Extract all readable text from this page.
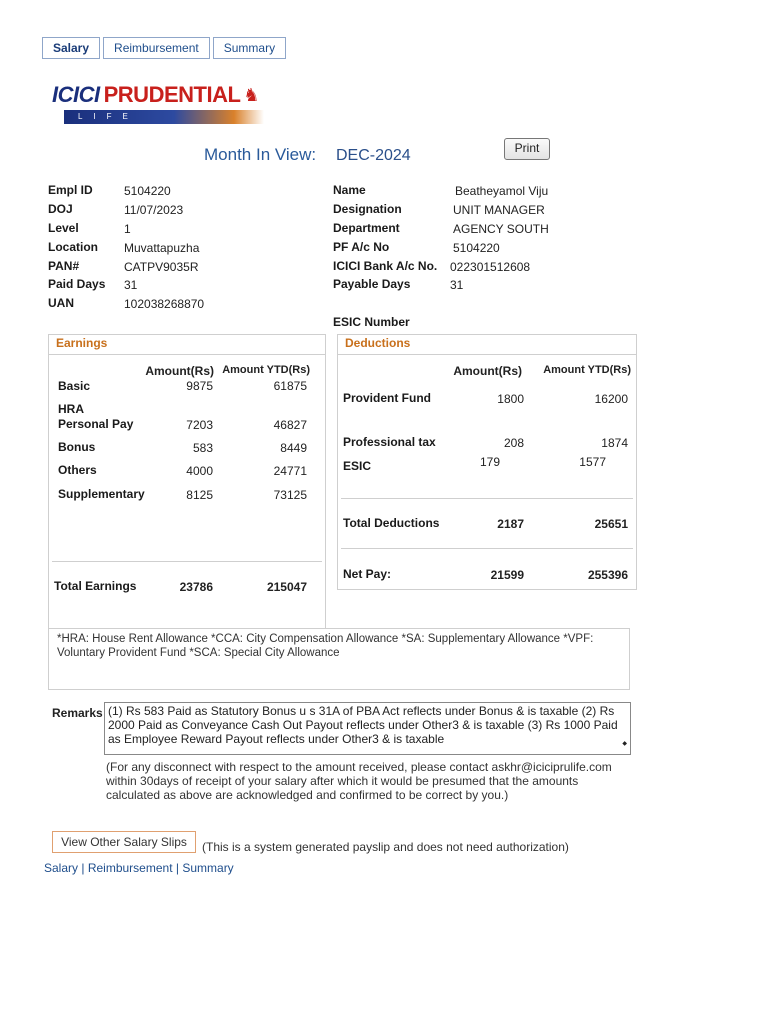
Salary	Reimbursement	Summary
ICICI PRUDENTIAL ♞
LIFE INSURANCE
Month In View: DEC-2024	Print
Empl ID	5104220
DOJ	11/07/2023
Level	1
Location Muvattapuzha
PAN#	CATPV9035R
Paid Days 31
UAN	102038268870
Name	Beatheyamol Viju
Designation	UNIT MANAGER
Department	AGENCY SOUTH
PF A/c No	5104220
ICICI Bank A/c No. 022301512608
Payable Days	31
ESIC Number
Earnings
Amount(Rs) Amount YTD(Rs)
Basic	9875	61875
HRA
Personal Pay	7203	46827
Bonus	583	8449
Others	4000	24771
Supplementary	8125	73125
Total Earnings	23786	215047
Deductions
Amount(Rs)	Amount YTD(Rs)
Provident Fund	1800	16200
Professional tax	208	1874
ESIC	179	1577
Total Deductions	2187	25651
Net Pay:	21599	255396
*HRA: House Rent Allowance *CCA: City Compensation Allowance *SA: Supplementary Allowance *VPF: Voluntary Provident Fund *SCA: Special City Allowance
Remarks (1) Rs 583 Paid as Statutory Bonus u s 31A of PBA Act reflects under Bonus & is taxable (2) Rs 2000 Paid as Conveyance Cash Out Payout reflects under Other3 & is taxable (3) Rs 1000 Paid as Employee Reward Payout reflects under Other3 & is taxable	◆
(For any disconnect with respect to the amount received, please contact askhr@iciciprulife.com within 30days of receipt of your salary after which it would be presumed that the amounts calculated as above are acknowledged and confirmed to be correct by you.)
View Other Salary Slips	(This is a system generated payslip and does not need authorization)
Salary | Reimbursement | Summary
